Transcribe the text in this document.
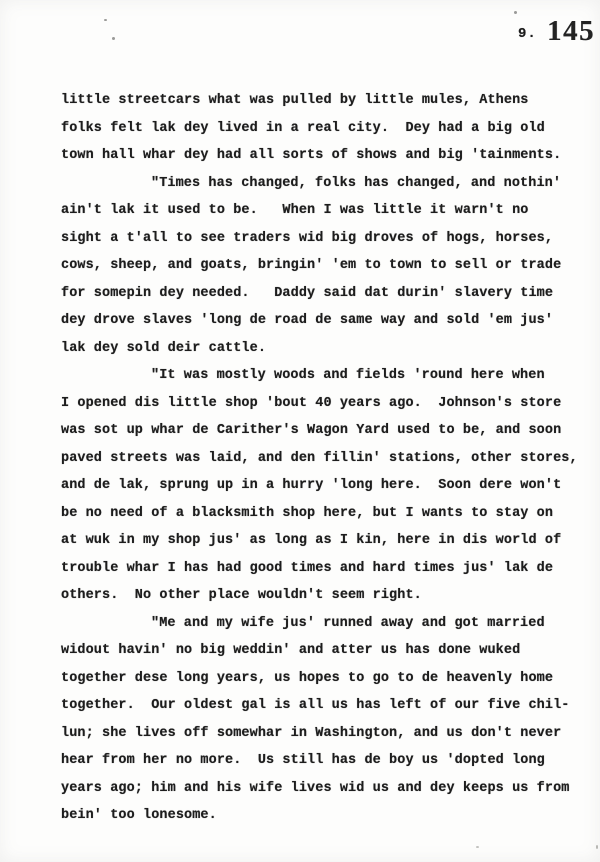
9. 145
little streetcars what was pulled by little mules, Athens
folks felt lak dey lived in a real city.  Dey had a big old
town hall whar dey had all sorts of shows and big 'tainments.
"Times has changed, folks has changed, and nothin'
ain't lak it used to be.   When I was little it warn't no
sight a t'all to see traders wid big droves of hogs, horses,
cows, sheep, and goats, bringin' 'em to town to sell or trade
for somepin dey needed.   Daddy said dat durin' slavery time
dey drove slaves 'long de road de same way and sold 'em jus'
lak dey sold deir cattle.
"It was mostly woods and fields 'round here when
I opened dis little shop 'bout 40 years ago.  Johnson's store
was sot up whar de Carither's Wagon Yard used to be, and soon
paved streets was laid, and den fillin' stations, other stores,
and de lak, sprung up in a hurry 'long here.  Soon dere won't
be no need of a blacksmith shop here, but I wants to stay on
at wuk in my shop jus' as long as I kin, here in dis world of
trouble whar I has had good times and hard times jus' lak de
others.  No other place wouldn't seem right.
"Me and my wife jus' runned away and got married
widout havin' no big weddin' and atter us has done wuked
together dese long years, us hopes to go to de heavenly home
together.  Our oldest gal is all us has left of our five chil-
lun; she lives off somewhar in Washington, and us don't never
hear from her no more.  Us still has de boy us 'dopted long
years ago; him and his wife lives wid us and dey keeps us from
bein' too lonesome.
